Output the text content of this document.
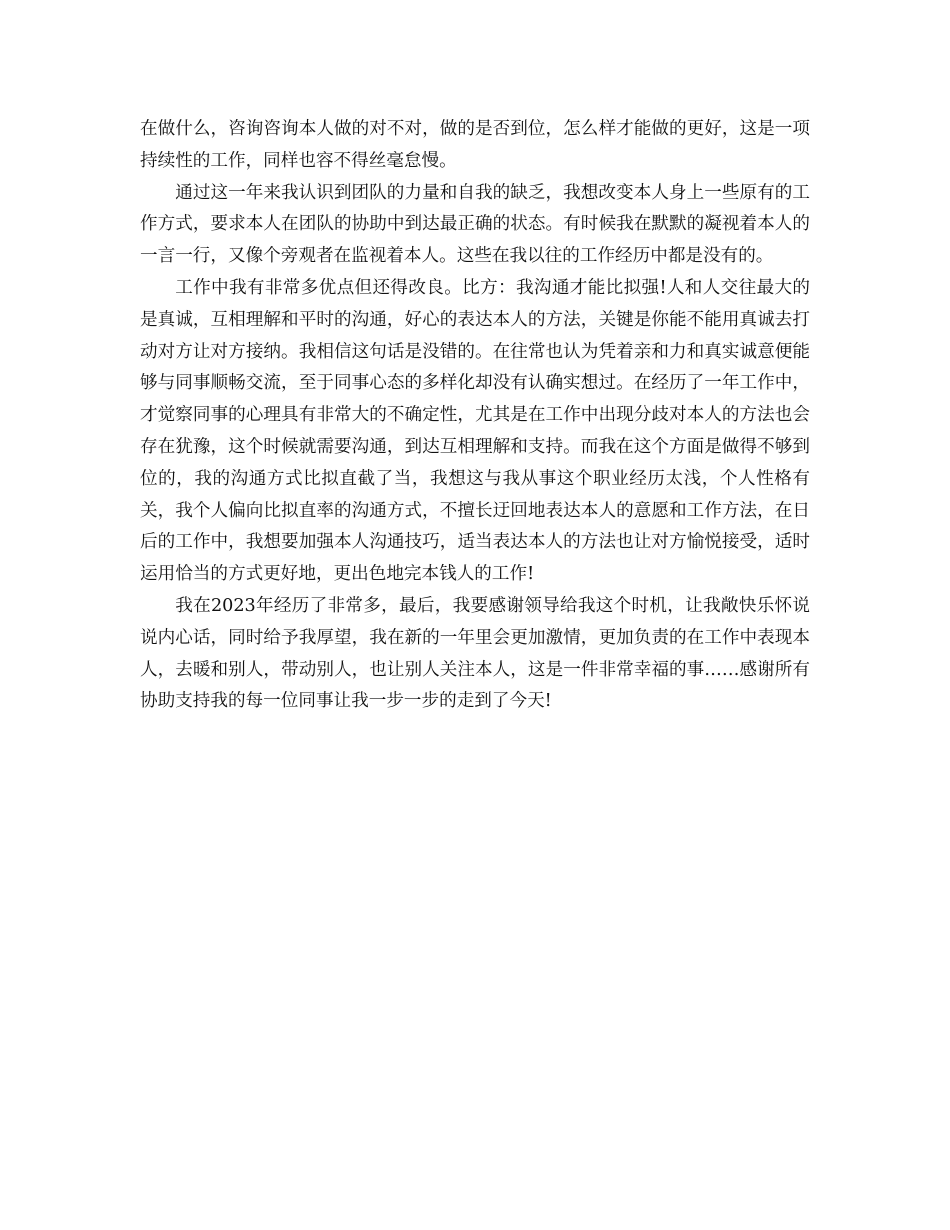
在做什么，咨询咨询本人做的对不对，做的是否到位，怎么样才能做的更好，这是一项持续性的工作，同样也容不得丝毫怠慢。

通过这一年来我认识到团队的力量和自我的缺乏，我想改变本人身上一些原有的工作方式，要求本人在团队的协助中到达最正确的状态。有时候我在默默的凝视着本人的一言一行，又像个旁观者在监视着本人。这些在我以往的工作经历中都是没有的。

工作中我有非常多优点但还得改良。比方：我沟通才能比拟强!人和人交往最大的是真诚，互相理解和平时的沟通，好心的表达本人的方法，关键是你能不能用真诚去打动对方让对方接纳。我相信这句话是没错的。在往常也认为凭着亲和力和真实诚意便能够与同事顺畅交流，至于同事心态的多样化却没有认确实想过。在经历了一年工作中，才觉察同事的心理具有非常大的不确定性，尤其是在工作中出现分歧对本人的方法也会存在犹豫，这个时候就需要沟通，到达互相理解和支持。而我在这个方面是做得不够到位的，我的沟通方式比拟直截了当，我想这与我从事这个职业经历太浅，个人性格有关，我个人偏向比拟直率的沟通方式，不擅长迂回地表达本人的意愿和工作方法，在日后的工作中，我想要加强本人沟通技巧，适当表达本人的方法也让对方愉悦接受，适时运用恰当的方式更好地，更出色地完本钱人的工作!

我在2023年经历了非常多，最后，我要感谢领导给我这个时机，让我敞快乐怀说说内心话，同时给予我厚望，我在新的一年里会更加激情，更加负责的在工作中表现本人，去暖和别人，带动别人，也让别人关注本人，这是一件非常幸福的事……感谢所有协助支持我的每一位同事让我一步一步的走到了今天!
